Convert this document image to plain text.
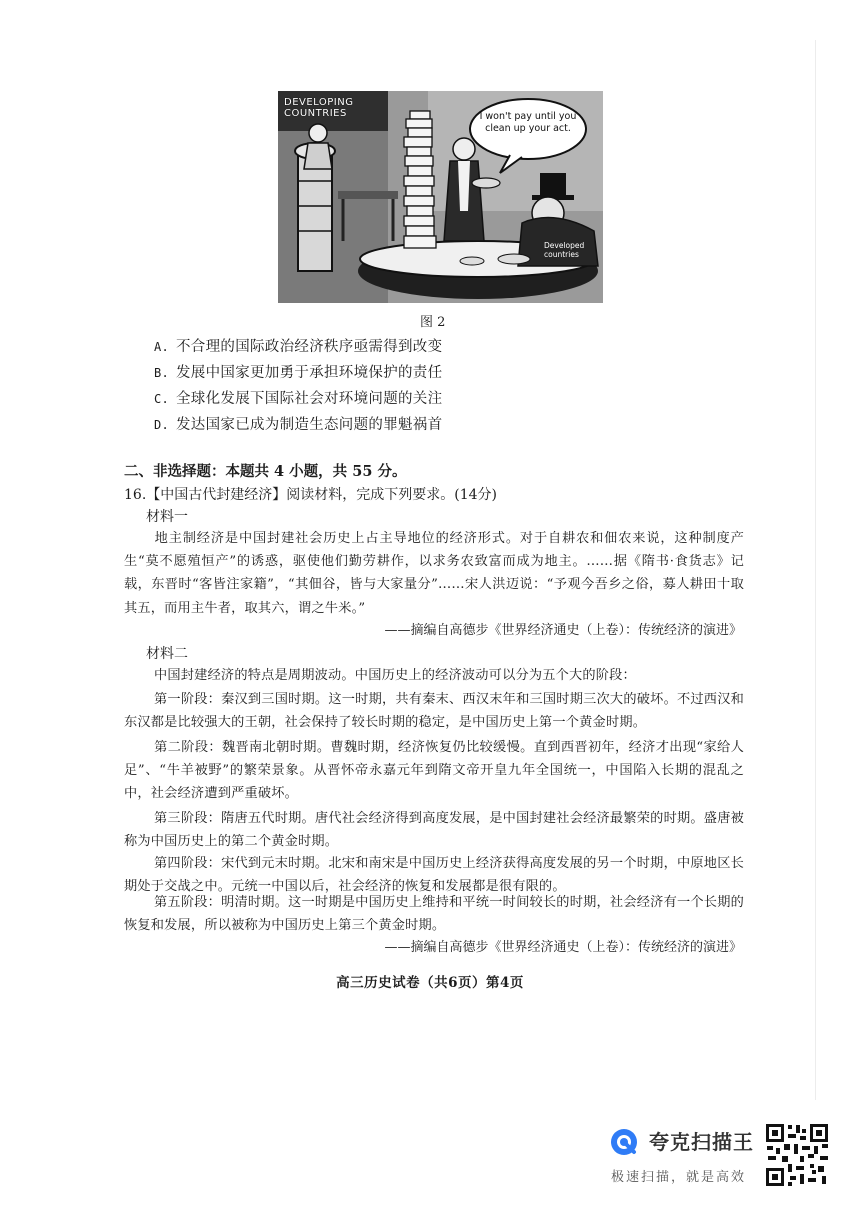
DEVELOPING COUNTRIES	I won't pay until you clean up your act.
Developed countries
图 2
A. 不合理的国际政治经济秩序亟需得到改变
B. 发展中国家更加勇于承担环境保护的责任
C. 全球化发展下国际社会对环境问题的关注
D. 发达国家已成为制造生态问题的罪魁祸首
二、非选择题：本题共 4 小题，共 55 分。
16.【中国古代封建经济】阅读材料，完成下列要求。(14分)
材料一
地主制经济是中国封建社会历史上占主导地位的经济形式。对于自耕农和佃农来说，这种制度产生“莫不愿殖恒产”的诱惑，驱使他们勤劳耕作，以求务农致富而成为地主。……据《隋书·食货志》记载，东晋时“客皆注家籍”，“其佃谷，皆与大家量分”……宋人洪迈说：“予观今吾乡之俗，募人耕田十取其五，而用主牛者，取其六，谓之牛米。”
——摘编自高德步《世界经济通史（上卷）：传统经济的演进》
材料二
中国封建经济的特点是周期波动。中国历史上的经济波动可以分为五个大的阶段：
第一阶段：秦汉到三国时期。这一时期，共有秦末、西汉末年和三国时期三次大的破坏。不过西汉和东汉都是比较强大的王朝，社会保持了较长时期的稳定，是中国历史上第一个黄金时期。
第二阶段：魏晋南北朝时期。曹魏时期，经济恢复仍比较缓慢。直到西晋初年，经济才出现“家给人足”、“牛羊被野”的繁荣景象。从晋怀帝永嘉元年到隋文帝开皇九年全国统一，中国陷入长期的混乱之中，社会经济遭到严重破坏。
第三阶段：隋唐五代时期。唐代社会经济得到高度发展，是中国封建社会经济最繁荣的时期。盛唐被称为中国历史上的第二个黄金时期。
第四阶段：宋代到元末时期。北宋和南宋是中国历史上经济获得高度发展的另一个时期，中原地区长期处于交战之中。元统一中国以后，社会经济的恢复和发展都是很有限的。
第五阶段：明清时期。这一时期是中国历史上维持和平统一时间较长的时期，社会经济有一个长期的恢复和发展，所以被称为中国历史上第三个黄金时期。
——摘编自高德步《世界经济通史（上卷）：传统经济的演进》
高三历史试卷（共6页）第4页
夸克扫描王
极速扫描，就是高效
